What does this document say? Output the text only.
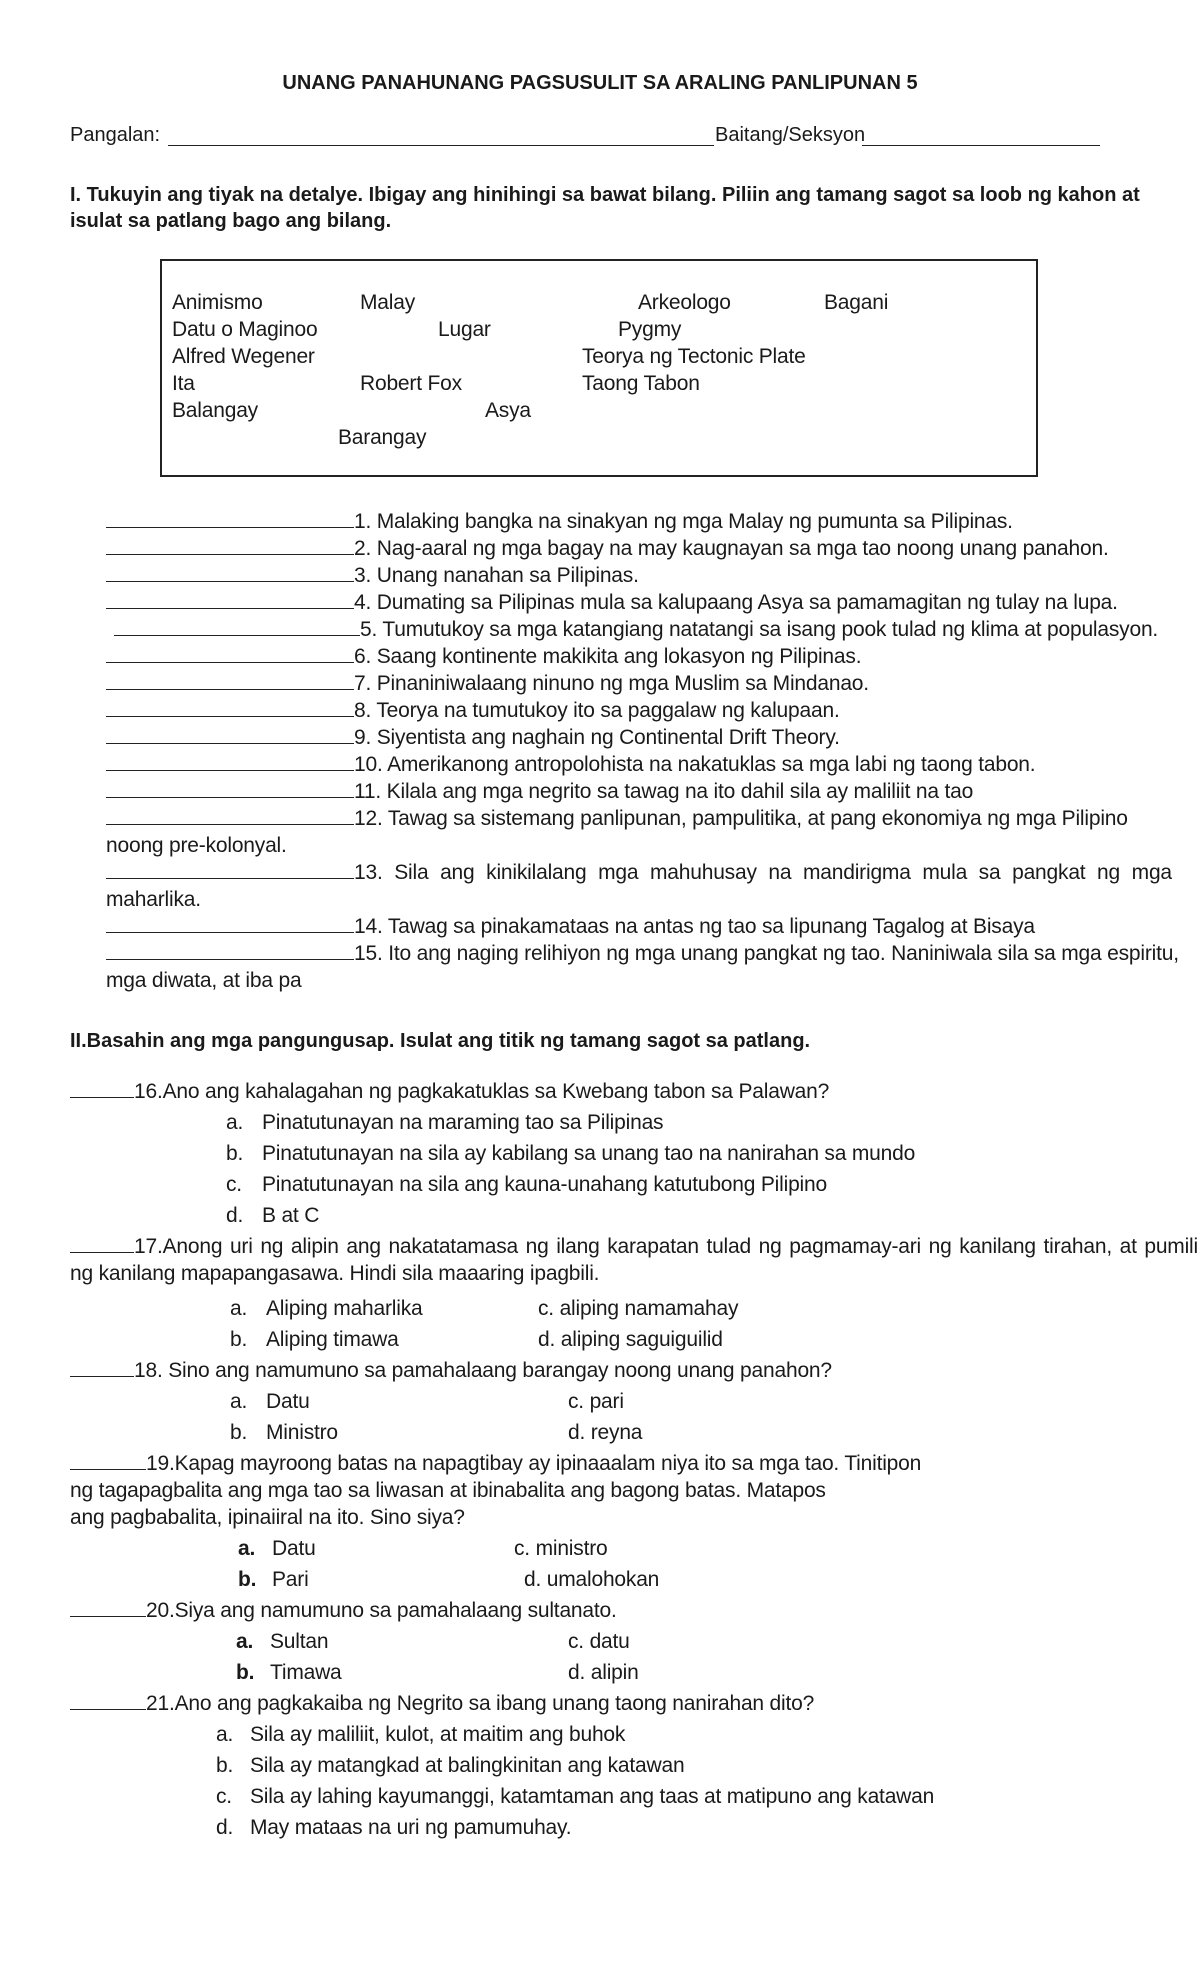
UNANG PANAHUNANG PAGSUSULIT SA ARALING PANLIPUNAN 5
Pangalan:	Baitang/Seksyon
I. Tukuyin ang tiyak na detalye. Ibigay ang hinihingi sa bawat bilang. Piliin ang tamang sagot sa loob ng kahon at
isulat sa patlang bago ang bilang.
Animismo	Malay	Arkeologo	Bagani
Datu o Maginoo	Lugar	Pygmy
Alfred Wegener	Teorya ng Tectonic Plate
Ita	Robert Fox	Taong Tabon
Balangay	Asya
Barangay
1. Malaking bangka na sinakyan ng mga Malay ng pumunta sa Pilipinas.
2. Nag-aaral ng mga bagay na may kaugnayan sa mga tao noong unang panahon.
3. Unang nanahan sa Pilipinas.
4. Dumating sa Pilipinas mula sa kalupaang Asya sa pamamagitan ng tulay na lupa.
5. Tumutukoy sa mga katangiang natatangi sa isang pook tulad ng klima at populasyon.
6. Saang kontinente makikita ang lokasyon ng Pilipinas.
7. Pinaniniwalaang ninuno ng mga Muslim sa Mindanao.
8. Teorya na tumutukoy ito sa paggalaw ng kalupaan.
9. Siyentista ang naghain ng Continental Drift Theory.
10. Amerikanong antropolohista na nakatuklas sa mga labi ng taong tabon.
11. Kilala ang mga negrito sa tawag na ito dahil sila ay maliliit na tao
12. Tawag sa sistemang panlipunan, pampulitika, at pang ekonomiya ng mga Pilipino
noong pre-kolonyal.
13. Sila ang kinikilalang mga mahuhusay na mandirigma mula sa pangkat ng mga
maharlika.
14. Tawag sa pinakamataas na antas ng tao sa lipunang Tagalog at Bisaya
15. Ito ang naging relihiyon ng mga unang pangkat ng tao. Naniniwala sila sa mga espiritu,
mga diwata, at iba pa
II.Basahin ang mga pangungusap. Isulat ang titik ng tamang sagot sa patlang.
16.Ano ang kahalagahan ng pagkakatuklas sa Kwebang tabon sa Palawan?
a. Pinatutunayan na maraming tao sa Pilipinas
b. Pinatutunayan na sila ay kabilang sa unang tao na nanirahan sa mundo
c. Pinatutunayan na sila ang kauna-unahang katutubong Pilipino
d. B at C
17.Anong uri ng alipin ang nakatatamasa ng ilang karapatan tulad ng pagmamay-ari ng kanilang tirahan, at pumili
ng kanilang mapapangasawa. Hindi sila maaaring ipagbili.
a. Aliping maharlika	c. aliping namamahay
b. Aliping timawa	d. aliping saguiguilid
18. Sino ang namumuno sa pamahalaang barangay noong unang panahon?
a. Datu	c. pari
b. Ministro	d. reyna
19.Kapag mayroong batas na napagtibay ay ipinaaalam niya ito sa mga tao. Tinitipon
ng tagapagbalita ang mga tao sa liwasan at ibinabalita ang bagong batas. Matapos
ang pagbabalita, ipinaiiral na ito. Sino siya?
a. Datu	c. ministro
b. Pari	d. umalohokan
20.Siya ang namumuno sa pamahalaang sultanato.
a. Sultan	c. datu
b. Timawa	d. alipin
21.Ano ang pagkakaiba ng Negrito sa ibang unang taong nanirahan dito?
a. Sila ay maliliit, kulot, at maitim ang buhok
b. Sila ay matangkad at balingkinitan ang katawan
c. Sila ay lahing kayumanggi, katamtaman ang taas at matipuno ang katawan
d. May mataas na uri ng pamumuhay.
